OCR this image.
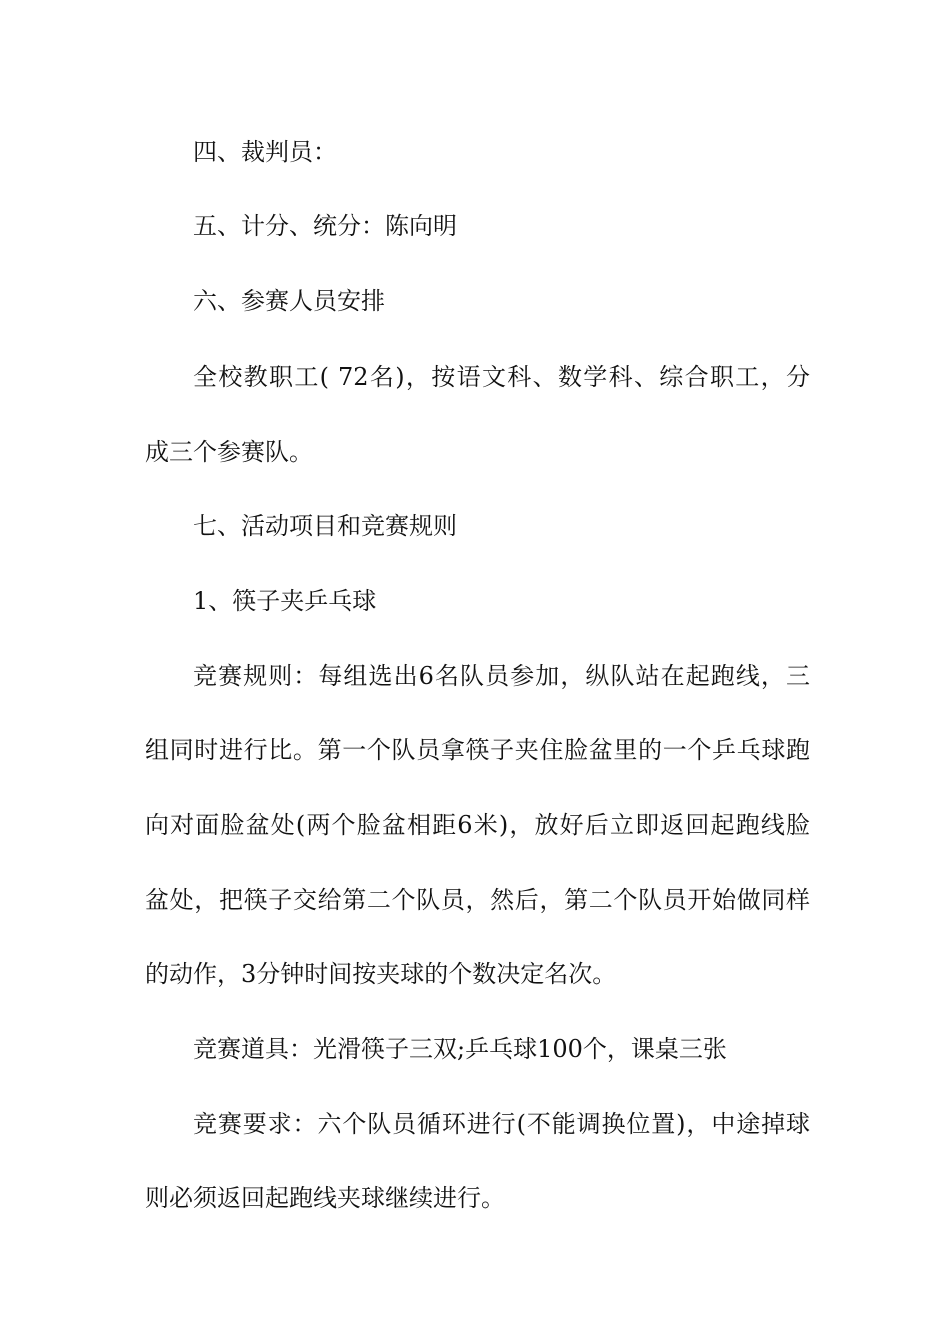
四、裁判员：
五、计分、统分：陈向明
六、参赛人员安排
全校教职工( 72名)，按语文科、数学科、综合职工，分
成三个参赛队。
七、活动项目和竞赛规则
1、筷子夹乒乓球
竞赛规则：每组选出6名队员参加，纵队站在起跑线，三
组同时进行比。第一个队员拿筷子夹住脸盆里的一个乒乓球跑
向对面脸盆处(两个脸盆相距6米)，放好后立即返回起跑线脸
盆处，把筷子交给第二个队员，然后，第二个队员开始做同样
的动作，3分钟时间按夹球的个数决定名次。
竞赛道具：光滑筷子三双;乒乓球100个，课桌三张
竞赛要求：六个队员循环进行(不能调换位置)，中途掉球
则必须返回起跑线夹球继续进行。
